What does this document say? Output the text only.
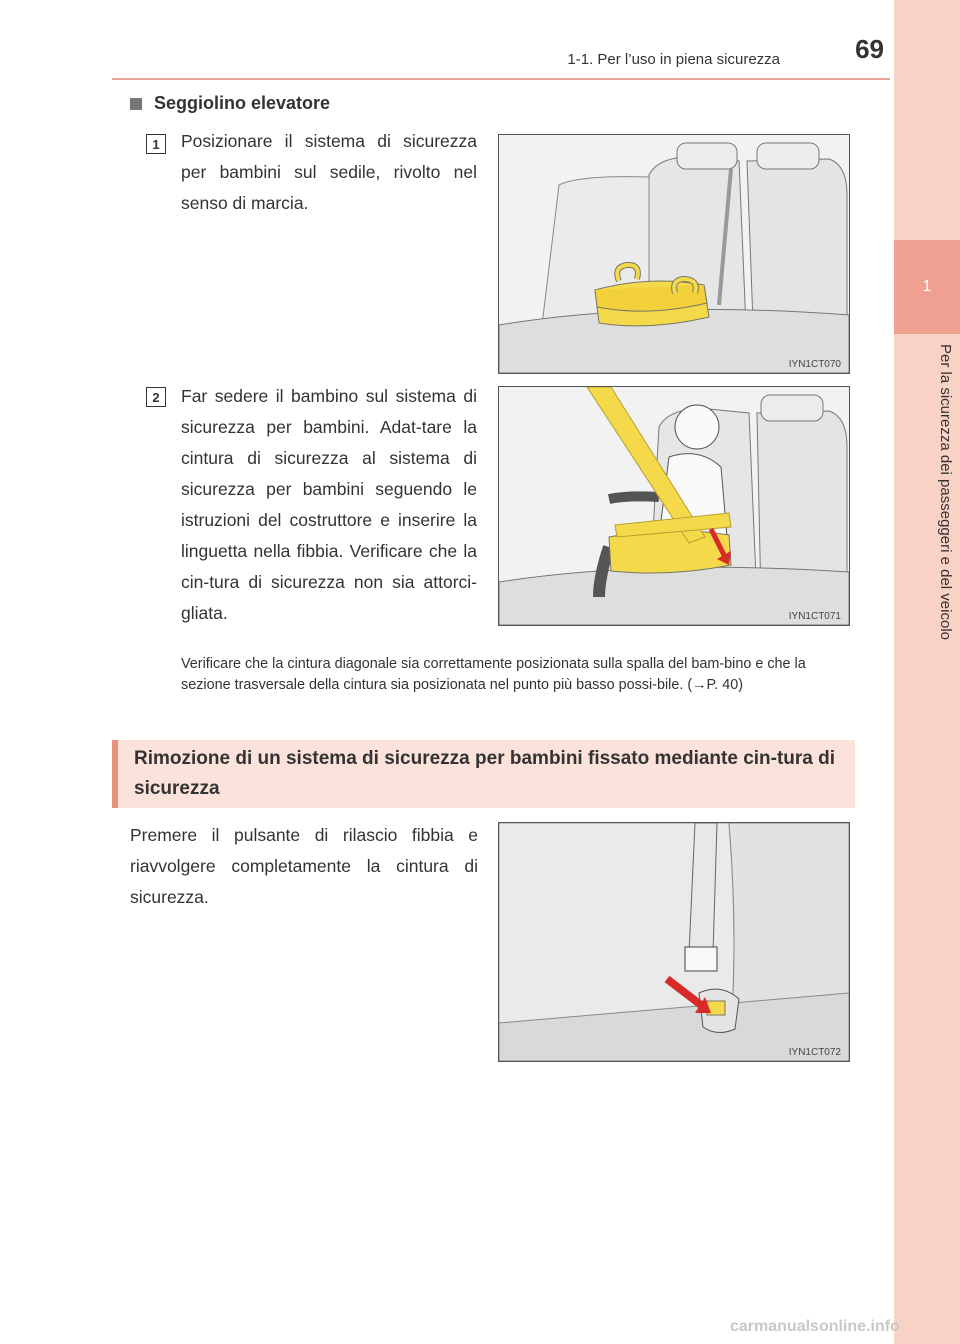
1-1. Per l’uso in piena sicurezza	69
1
Per la sicurezza dei passeggeri e del veicolo
Seggiolino elevatore
1	Posizionare il sistema di sicurezza per bambini sul sedile, rivolto nel senso di marcia.
IYN1CT070
2	Far sedere il bambino sul sistema di sicurezza per bambini. Adat-tare la cintura di sicurezza al sistema di sicurezza per bambini seguendo le istruzioni del costruttore e inserire la linguetta nella fibbia. Verificare che la cin-tura di sicurezza non sia attorci-gliata.	IYN1CT071
Verificare che la cintura diagonale sia correttamente posizionata sulla spalla del bam-bino e che la sezione trasversale della cintura sia posizionata nel punto più basso possi-bile. (→P. 40)
Rimozione di un sistema di sicurezza per bambini fissato mediante cin-tura di sicurezza
Premere il pulsante di rilascio fibbia e riavvolgere completamente la cintura di sicurezza.
IYN1CT072
carmanualsonline.info
